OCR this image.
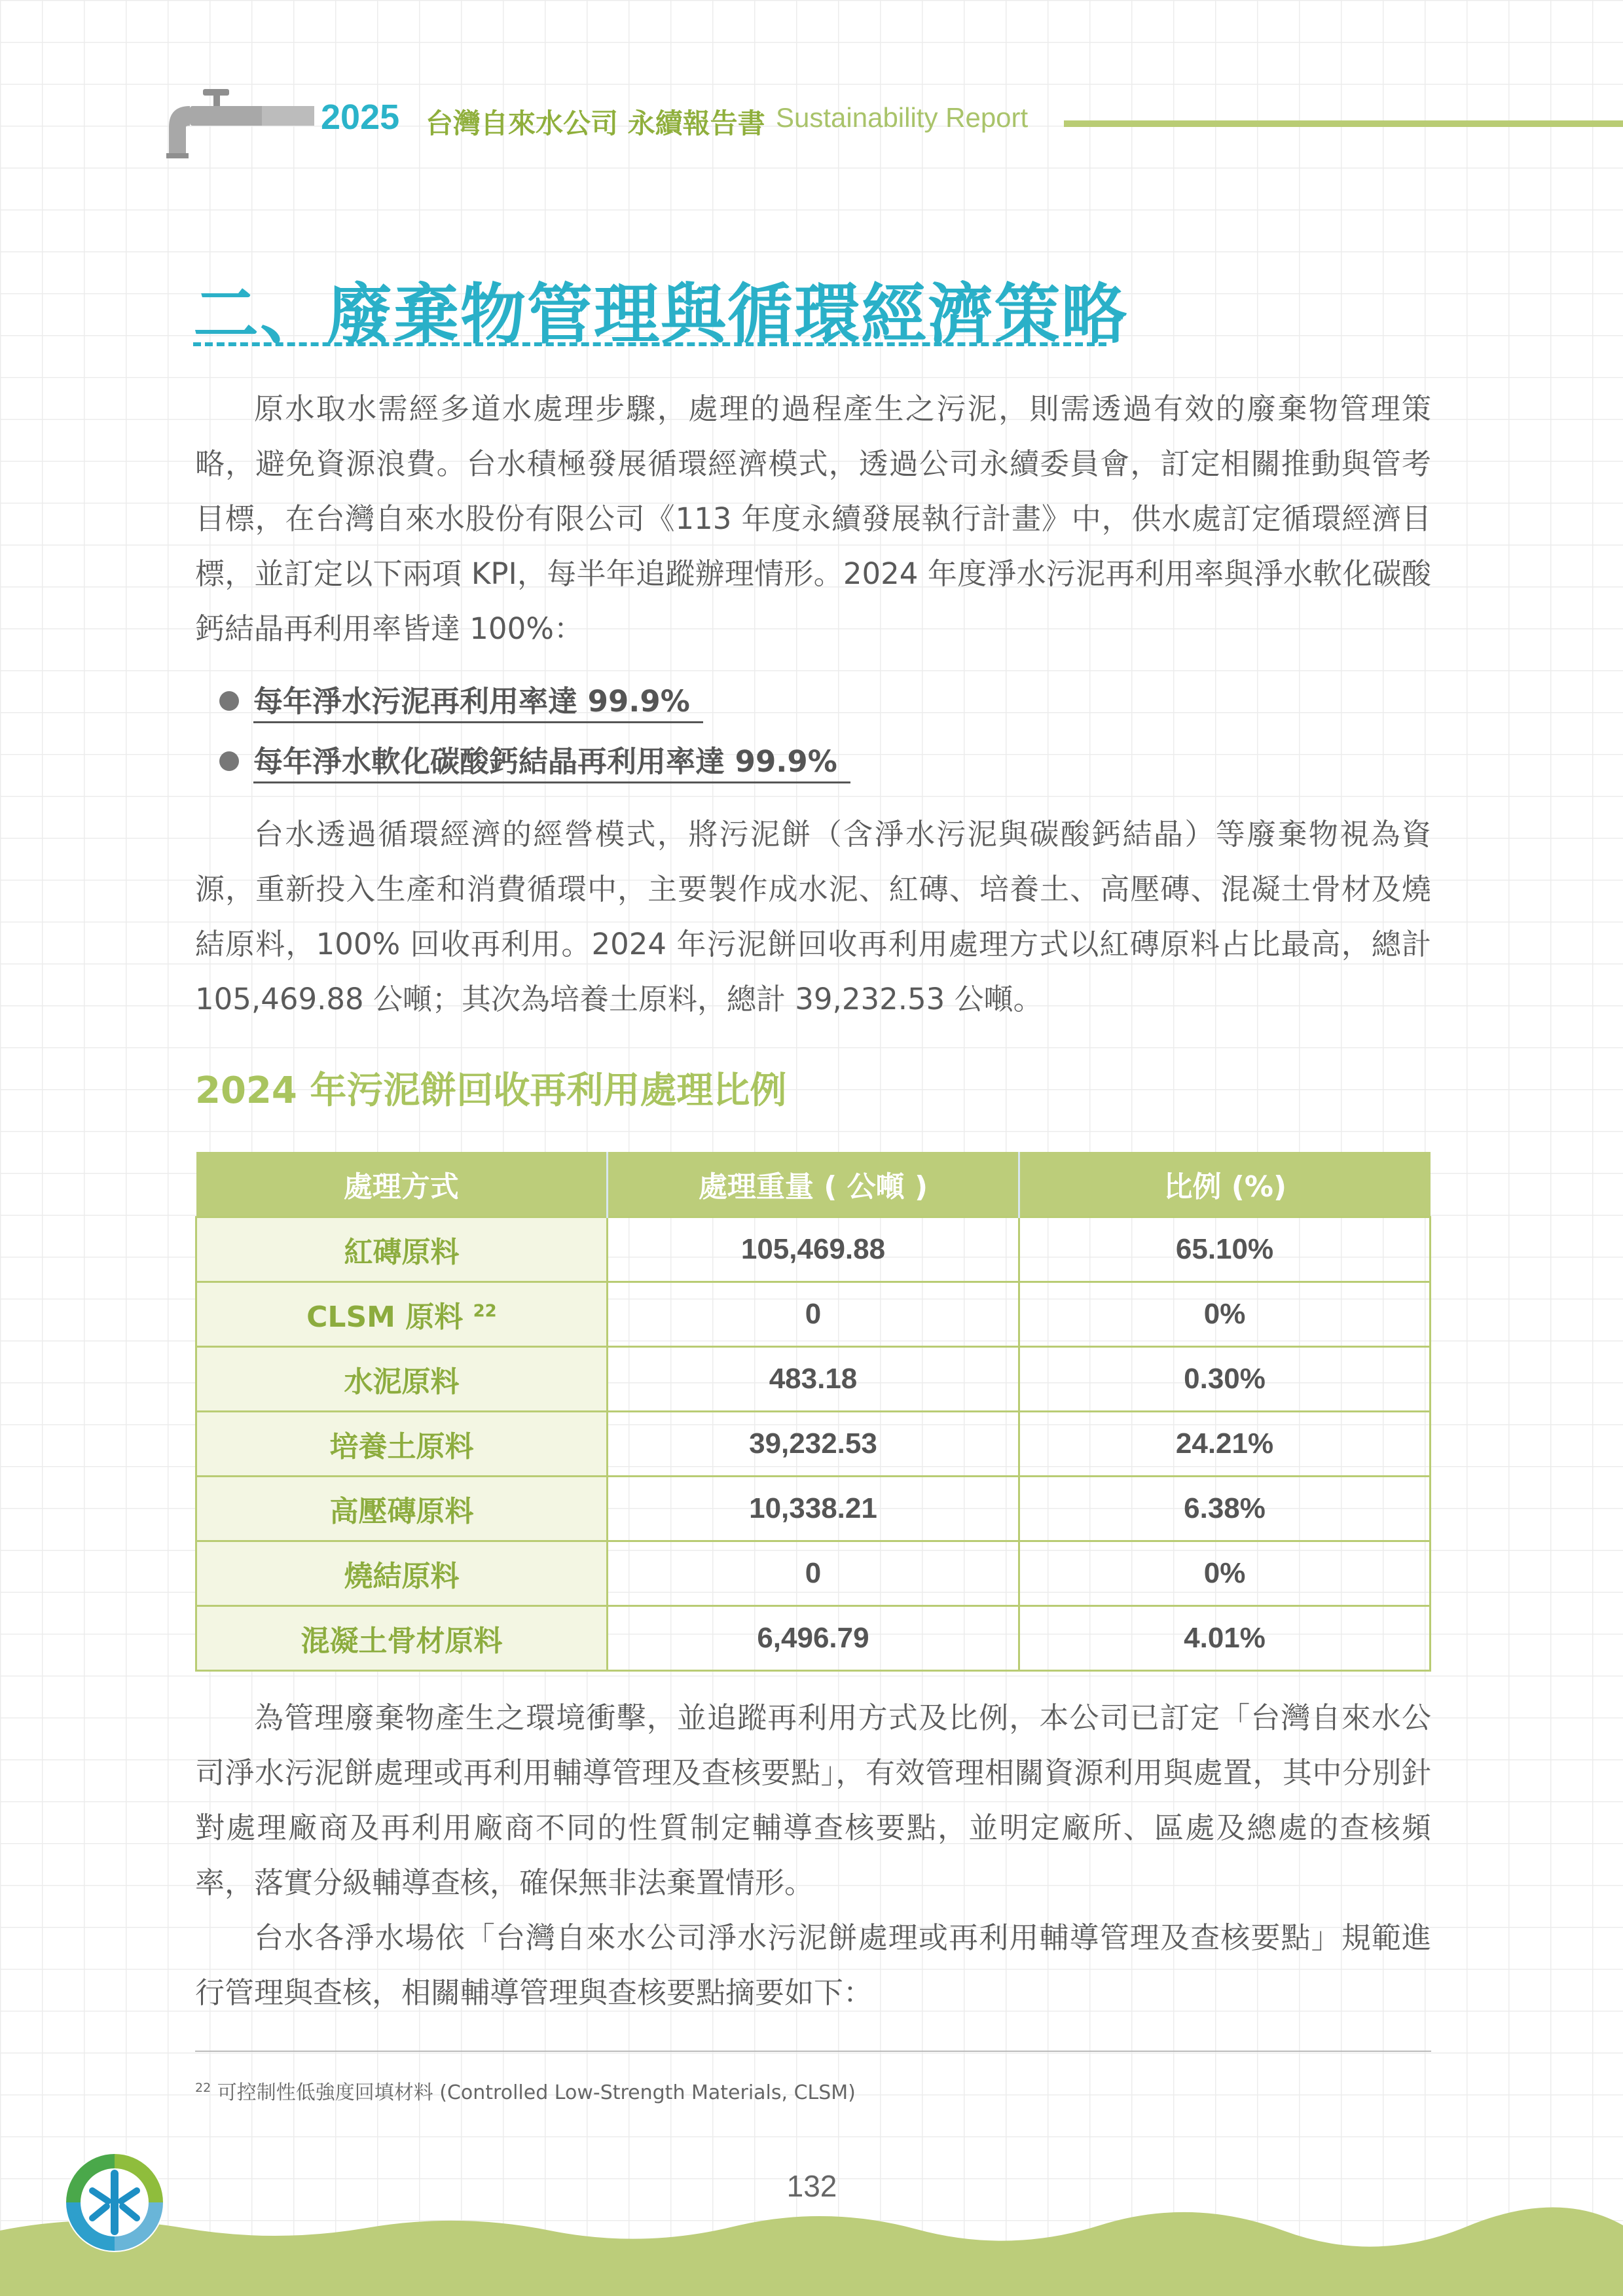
2025 台灣自來水公司 永續報告書 Sustainability Report
二、廢棄物管理與循環經濟策略
原水取水需經多道水處理步驟，處理的過程產生之污泥，則需透過有效的廢棄物管理策略，避免資源浪費。台水積極發展循環經濟模式，透過公司永續委員會，訂定相關推動與管考目標，在台灣自來水股份有限公司《113 年度永續發展執行計畫》中，供水處訂定循環經濟目標，並訂定以下兩項 KPI，每半年追蹤辦理情形。2024 年度淨水污泥再利用率與淨水軟化碳酸鈣結晶再利用率皆達 100%：
每年淨水污泥再利用率達 99.9%
每年淨水軟化碳酸鈣結晶再利用率達 99.9%
台水透過循環經濟的經營模式，將污泥餅（含淨水污泥與碳酸鈣結晶）等廢棄物視為資源，重新投入生產和消費循環中，主要製作成水泥、紅磚、培養土、高壓磚、混凝土骨材及燒結原料，100% 回收再利用。2024 年污泥餅回收再利用處理方式以紅磚原料占比最高，總計 105,469.88 公噸；其次為培養土原料，總計 39,232.53 公噸。
2024 年污泥餅回收再利用處理比例
處理方式	處理重量 ( 公噸 )	比例 (%)
紅磚原料	105,469.88	65.10%
CLSM 原料 $^{22}$	0	0%
水泥原料	483.18	0.30%
培養土原料	39,232.53	24.21%
高壓磚原料	10,338.21	6.38%
燒結原料	0	0%
混凝土骨材原料	6,496.79	4.01%
為管理廢棄物產生之環境衝擊，並追蹤再利用方式及比例，本公司已訂定「台灣自來水公司淨水污泥餅處理或再利用輔導管理及查核要點」，有效管理相關資源利用與處置，其中分別針對處理廠商及再利用廠商不同的性質制定輔導查核要點，並明定廠所、區處及總處的查核頻率，落實分級輔導查核，確保無非法棄置情形。
台水各淨水場依「台灣自來水公司淨水污泥餅處理或再利用輔導管理及查核要點」規範進行管理與查核，相關輔導管理與查核要點摘要如下：
$^{22}$ 可控制性低強度回填材料 (Controlled Low-Strength Materials, CLSM)
132
